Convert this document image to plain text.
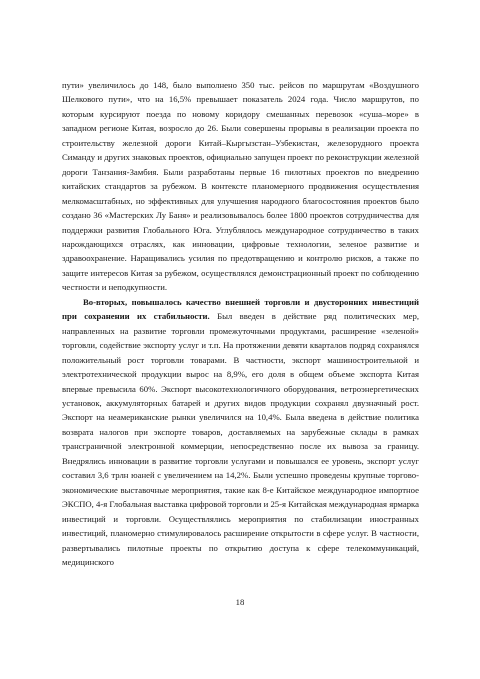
пути» увеличилось до 148, было выполнено 350 тыс. рейсов по маршрутам «Воздушного Шелкового пути», что на 16,5% превышает показатель 2024 года. Число маршрутов, по которым курсируют поезда по новому коридору смешанных перевозок «суша–море» в западном регионе Китая, возросло до 26. Были совершены прорывы в реализации проекта по строительству железной дороги Китай–Кыргызстан–Узбекистан, железорудного проекта Симанду и других знаковых проектов, официально запущен проект по реконструкции железной дороги Танзания-Замбия. Были разработаны первые 16 пилотных проектов по внедрению китайских стандартов за рубежом. В контексте планомерного продвижения осуществления мелкомасштабных, но эффективных для улучшения народного благосостояния проектов было создано 36 «Мастерских Лу Баня» и реализовывалось более 1800 проектов сотрудничества для поддержки развития Глобального Юга. Углублялось международное сотрудничество в таких нарождающихся отраслях, как инновации, цифровые технологии, зеленое развитие и здравоохранение. Наращивались усилия по предотвращению и контролю рисков, а также по защите интересов Китая за рубежом, осуществлялся демонстрационный проект по соблюдению честности и неподкупности.

Во-вторых, повышалось качество внешней торговли и двусторонних инвестиций при сохранении их стабильности. Был введен в действие ряд политических мер, направленных на развитие торговли промежуточными продуктами, расширение «зеленой» торговли, содействие экспорту услуг и т.п. На протяжении девяти кварталов подряд сохранялся положительный рост торговли товарами. В частности, экспорт машиностроительной и электротехнической продукции вырос на 8,9%, его доля в общем объеме экспорта Китая впервые превысила 60%. Экспорт высокотехнологичного оборудования, ветроэнергетических установок, аккумуляторных батарей и других видов продукции сохранял двузначный рост. Экспорт на неамериканские рынки увеличился на 10,4%. Была введена в действие политика возврата налогов при экспорте товаров, доставляемых на зарубежные склады в рамках трансграничной электронной коммерции, непосредственно после их вывоза за границу. Внедрялись инновации в развитие торговли услугами и повышался ее уровень, экспорт услуг составил 3,6 трлн юаней с увеличением на 14,2%. Были успешно проведены крупные торгово-экономические выставочные мероприятия, такие как 8-е Китайское международное импортное ЭКСПО, 4-я Глобальная выставка цифровой торговли и 25-я Китайская международная ярмарка инвестиций и торговли. Осуществлялись мероприятия по стабилизации иностранных инвестиций, планомерно стимулировалось расширение открытости в сфере услуг. В частности, развертывались пилотные проекты по открытию доступа к сфере телекоммуникаций, медицинского

18
